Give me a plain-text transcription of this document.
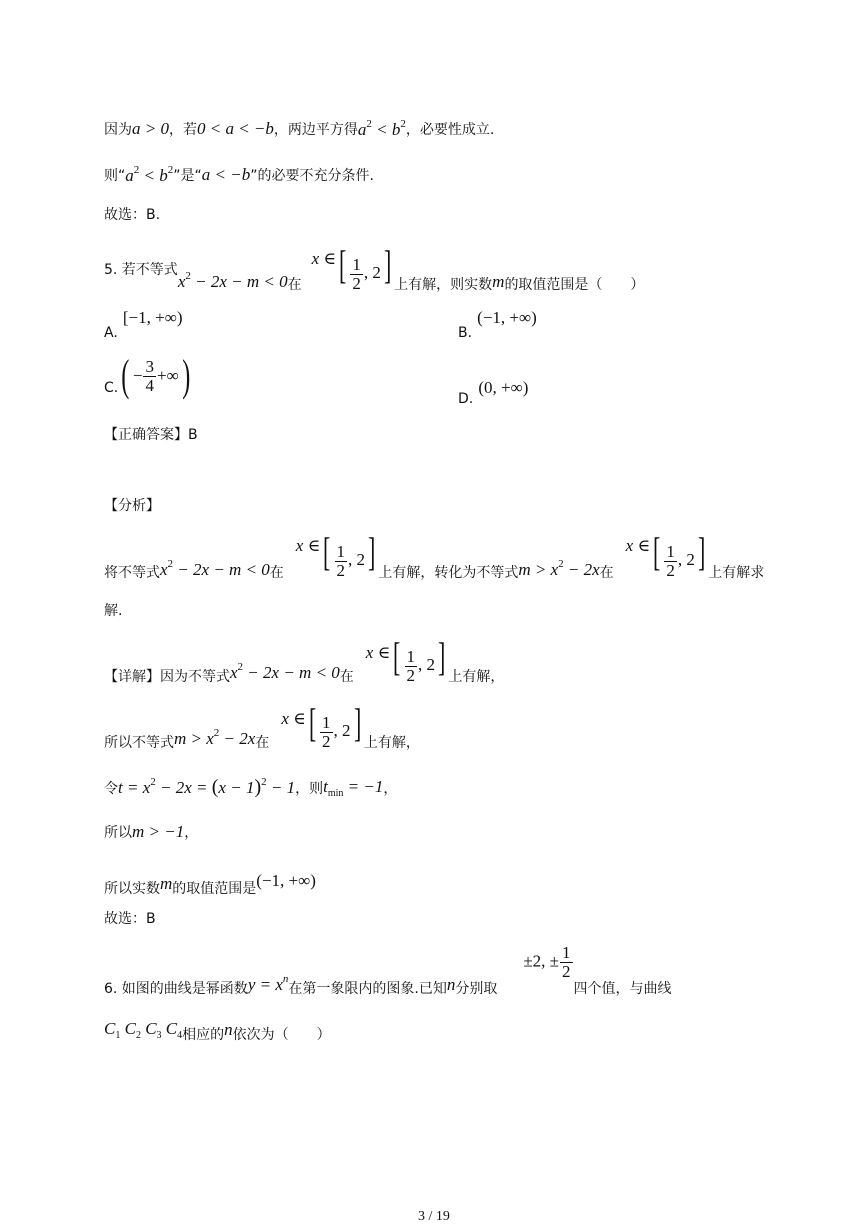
因为 a > 0 ，若 0 < a < −b ，两边平方得 $a^2 < b^2$ ，必要性成立.
则“ $a^2 < b^2$ ”是“ a < −b ”的必要不充分条件.
故选：B.
5. 若不等式
$x^2 - 2x - m < 0$ 在
x ∈ [ $\frac{1}{2}$ , 2] 上有解，则实数 m 的取值范围是（　　）
A. [−1, +∞)
B. (−1, +∞)
C. ( − $\frac{3}{4}$ +∞ )	D. (0, +∞)
【正确答案】B
【分析】
将不等式 $x^2 - 2x - m < 0$ 在
x ∈ [ $\frac{1}{2}$ , 2] 上有解，转化为不等式 $m > x^2 - 2x$ 在
x ∈ [ $\frac{1}{2}$ , 2] 上有解求
解.
【详解】因为不等式 $x^2 - 2x - m < 0$ 在
x ∈ [ $\frac{1}{2}$ , 2] 上有解，
所以不等式 $m > x^2 - 2x$ 在
x ∈ [ $\frac{1}{2}$ , 2] 上有解，
令 $t = x^2 - 2x = (x - 1)^2 - 1$ ，则 $t_{min} = -1$ ，
所以 m > −1 ，
所以实数 m 的取值范围是 (−1, +∞)
故选：B
6. 如图的曲线是幂函数 $y = x^n$
在第一象限内的图象.已知 n 分别取
±2, ± $\frac{1}{2}$
四个值，与曲线
$C_1$ $C_2$ $C_3$ $C_4$ 相应的 n 依次为（　　）
3 / 19
